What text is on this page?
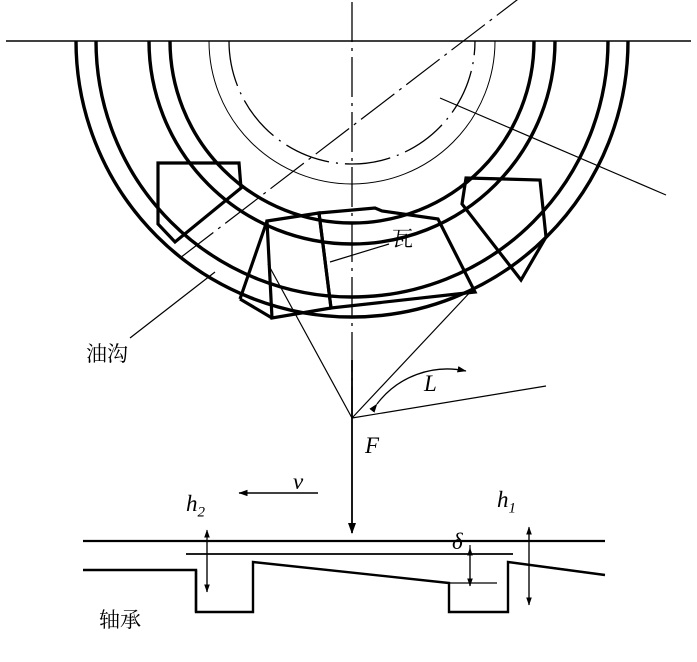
瓦
油沟
轴承
F
L
v
δ
$h_2$
$h_1$
